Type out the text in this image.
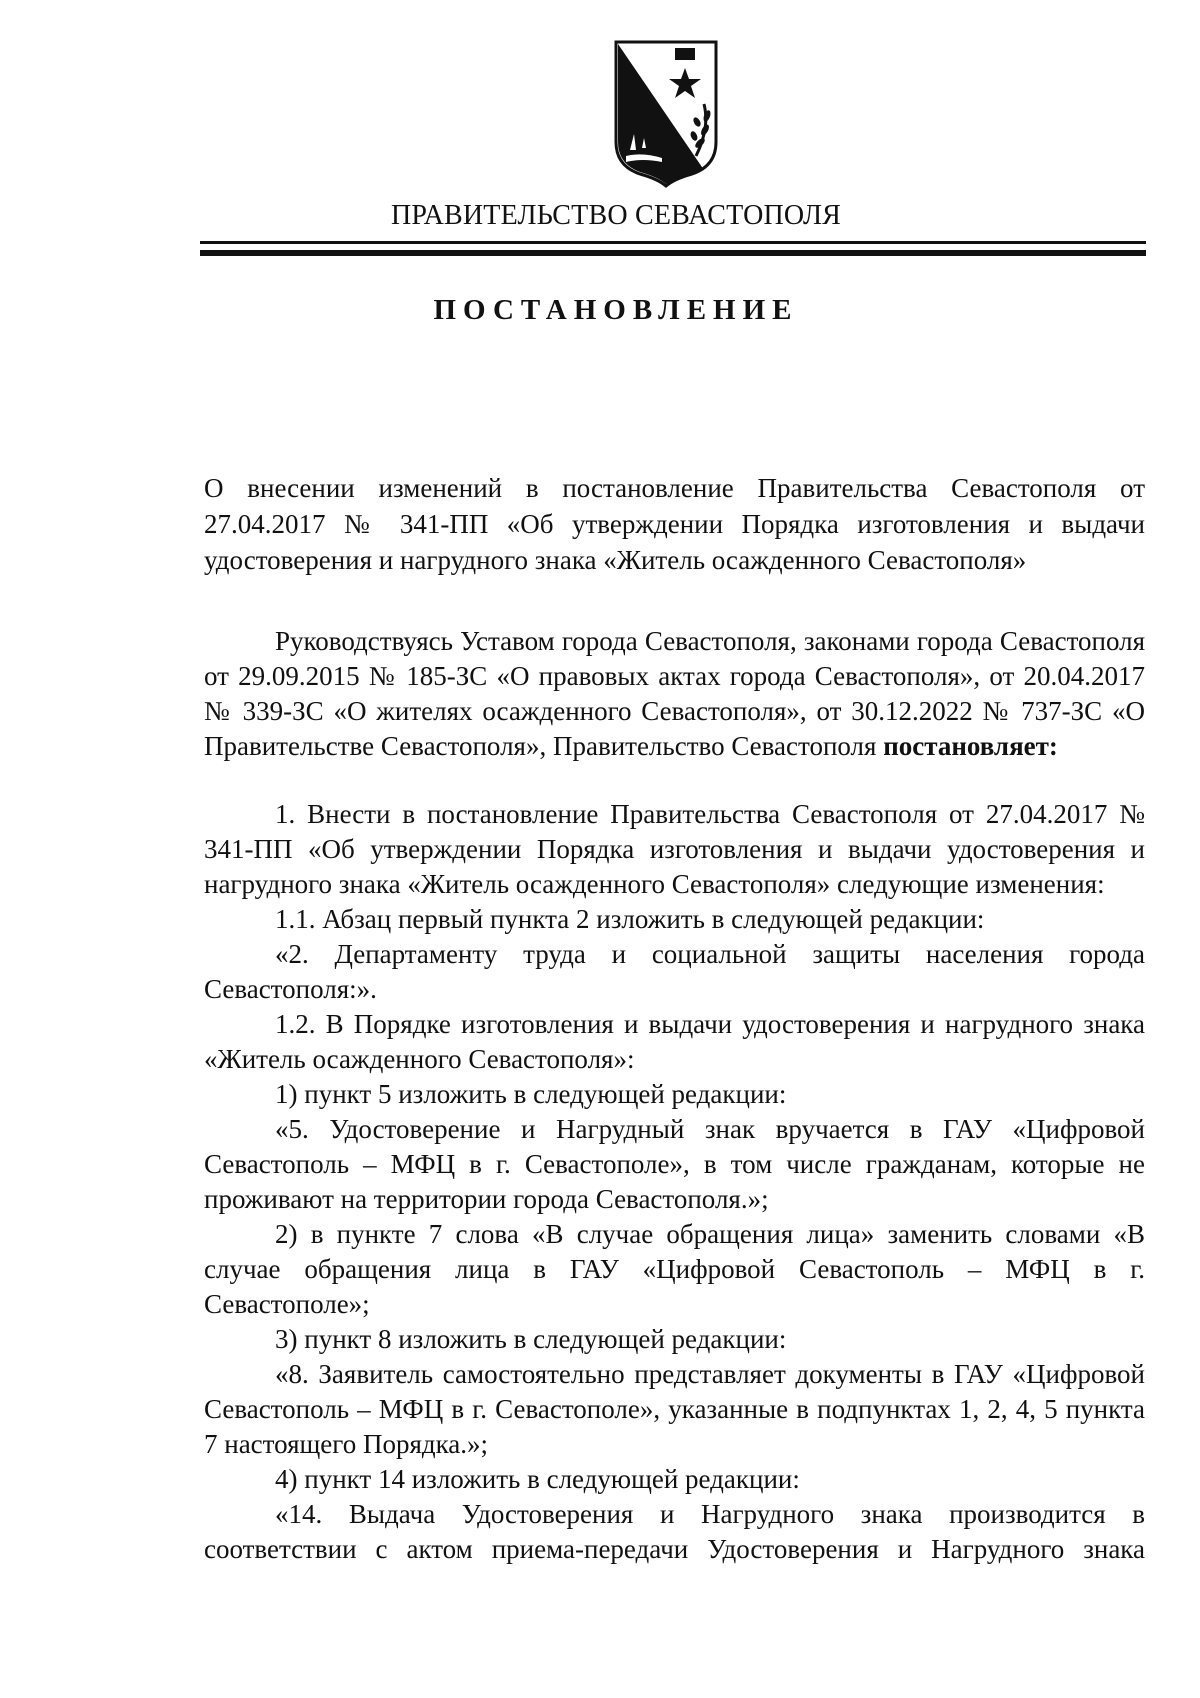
ПРАВИТЕЛЬСТВО СЕВАСТОПОЛЯ
ПОСТАНОВЛЕНИЕ

О внесении изменений в постановление Правительства Севастополя от 27.04.2017 № 341-ПП «Об утверждении Порядка изготовления и выдачи удостоверения и нагрудного знака «Житель осажденного Севастополя»

Руководствуясь Уставом города Севастополя, законами города Севастополя от 29.09.2015 № 185-ЗС «О правовых актах города Севастополя», от 20.04.2017 № 339-ЗС «О жителях осажденного Севастополя», от 30.12.2022 № 737-ЗС «О Правительстве Севастополя», Правительство Севастополя постановляет:

1. Внести в постановление Правительства Севастополя от 27.04.2017 № 341-ПП «Об утверждении Порядка изготовления и выдачи удостоверения и нагрудного знака «Житель осажденного Севастополя» следующие изменения:

1.1. Абзац первый пункта 2 изложить в следующей редакции:

«2. Департаменту труда и социальной защиты населения города Севастополя:».

1.2. В Порядке изготовления и выдачи удостоверения и нагрудного знака «Житель осажденного Севастополя»:

1) пункт 5 изложить в следующей редакции:

«5. Удостоверение и Нагрудный знак вручается в ГАУ «Цифровой Севастополь – МФЦ в г. Севастополе», в том числе гражданам, которые не проживают на территории города Севастополя.»;

2) в пункте 7 слова «В случае обращения лица» заменить словами «В случае обращения лица в ГАУ «Цифровой Севастополь – МФЦ в г. Севастополе»;

3) пункт 8 изложить в следующей редакции:

«8. Заявитель самостоятельно представляет документы в ГАУ «Цифровой Севастополь – МФЦ в г. Севастополе», указанные в подпунктах 1, 2, 4, 5 пункта 7 настоящего Порядка.»;

4) пункт 14 изложить в следующей редакции:

«14. Выдача Удостоверения и Нагрудного знака производится в соответствии с актом приема-передачи Удостоверения и Нагрудного знака
